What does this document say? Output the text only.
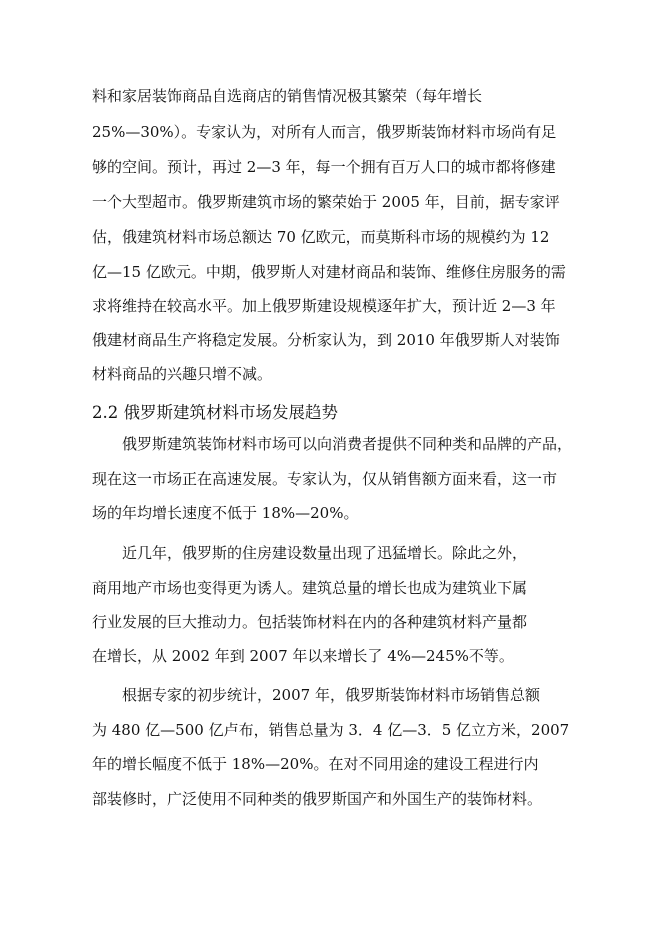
料和家居装饰商品自选商店的销售情况极其繁荣（每年增长
25%—30%）。专家认为，对所有人而言，俄罗斯装饰材料市场尚有足
够的空间。预计，再过 2—3 年，每一个拥有百万人口的城市都将修建
一个大型超市。俄罗斯建筑市场的繁荣始于 2005 年，目前，据专家评
估，俄建筑材料市场总额达 70 亿欧元，而莫斯科市场的规模约为 12
亿—15 亿欧元。中期，俄罗斯人对建材商品和装饰、维修住房服务的需
求将维持在较高水平。加上俄罗斯建设规模逐年扩大，预计近 2—3 年
俄建材商品生产将稳定发展。分析家认为，到 2010 年俄罗斯人对装饰
材料商品的兴趣只增不减。
2.2 俄罗斯建筑材料市场发展趋势
俄罗斯建筑装饰材料市场可以向消费者提供不同种类和品牌的产品，
现在这一市场正在高速发展。专家认为，仅从销售额方面来看，这一市
场的年均增长速度不低于 18%—20%。
近几年，俄罗斯的住房建设数量出现了迅猛增长。除此之外，
商用地产市场也变得更为诱人。建筑总量的增长也成为建筑业下属
行业发展的巨大推动力。包括装饰材料在内的各种建筑材料产量都
在增长，从 2002 年到 2007 年以来增长了 4%—245%不等。
根据专家的初步统计，2007 年，俄罗斯装饰材料市场销售总额
为 480 亿—500 亿卢布，销售总量为 3．4 亿—3．5 亿立方米，2007
年的增长幅度不低于 18%—20%。在对不同用途的建设工程进行内
部装修时，广泛使用不同种类的俄罗斯国产和外国生产的装饰材料。
